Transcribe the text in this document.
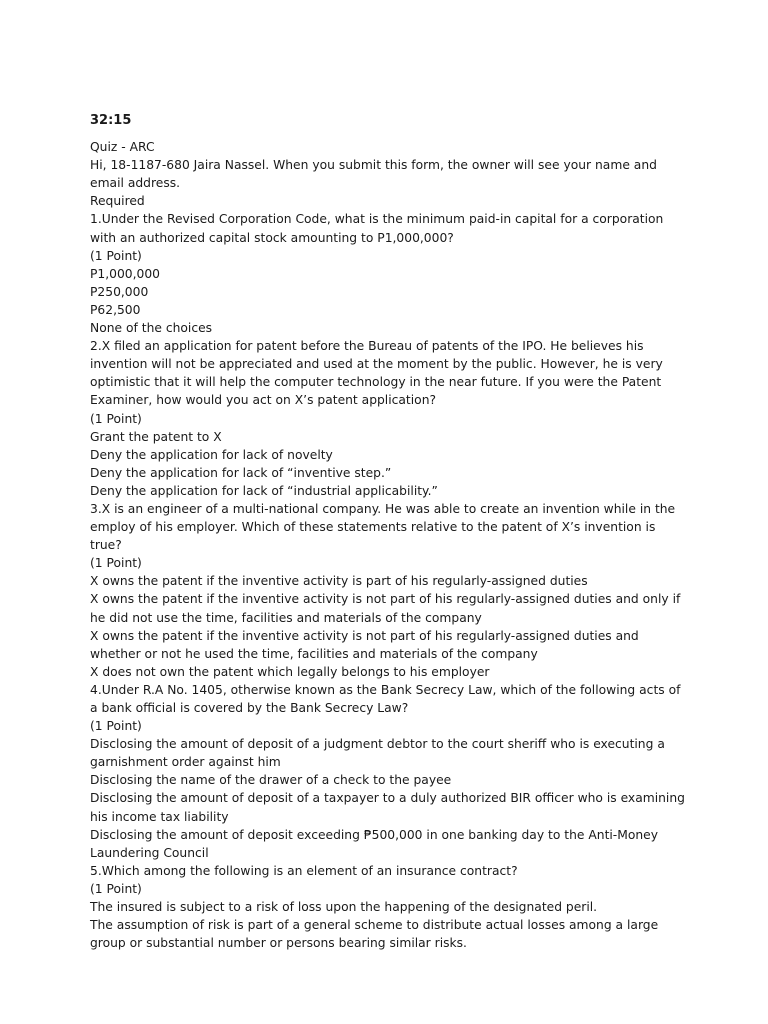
32:15
Quiz - ARC
Hi, 18-1187-680 Jaira Nassel. When you submit this form, the owner will see your name and email address.
Required
1.Under the Revised Corporation Code, what is the minimum paid-in capital for a corporation with an authorized capital stock amounting to P1,000,000?
(1 Point)
P1,000,000
P250,000
P62,500
None of the choices
2.X filed an application for patent before the Bureau of patents of the IPO. He believes his invention will not be appreciated and used at the moment by the public. However, he is very optimistic that it will help the computer technology in the near future. If you were the Patent Examiner, how would you act on X’s patent application?
(1 Point)
Grant the patent to X
Deny the application for lack of novelty
Deny the application for lack of “inventive step.”
Deny the application for lack of “industrial applicability.”
3.X is an engineer of a multi-national company. He was able to create an invention while in the employ of his employer. Which of these statements relative to the patent of X’s invention is true?
(1 Point)
X owns the patent if the inventive activity is part of his regularly-assigned duties
X owns the patent if the inventive activity is not part of his regularly-assigned duties and only if he did not use the time, facilities and materials of the company
X owns the patent if the inventive activity is not part of his regularly-assigned duties and whether or not he used the time, facilities and materials of the company
X does not own the patent which legally belongs to his employer
4.Under R.A No. 1405, otherwise known as the Bank Secrecy Law, which of the following acts of a bank official is covered by the Bank Secrecy Law?
(1 Point)
Disclosing the amount of deposit of a judgment debtor to the court sheriff who is executing a garnishment order against him
Disclosing the name of the drawer of a check to the payee
Disclosing the amount of deposit of a taxpayer to a duly authorized BIR officer who is examining his income tax liability
Disclosing the amount of deposit exceeding ₱500,000 in one banking day to the Anti-Money Laundering Council
5.Which among the following is an element of an insurance contract?
(1 Point)
The insured is subject to a risk of loss upon the happening of the designated peril.
The assumption of risk is part of a general scheme to distribute actual losses among a large group or substantial number or persons bearing similar risks.
